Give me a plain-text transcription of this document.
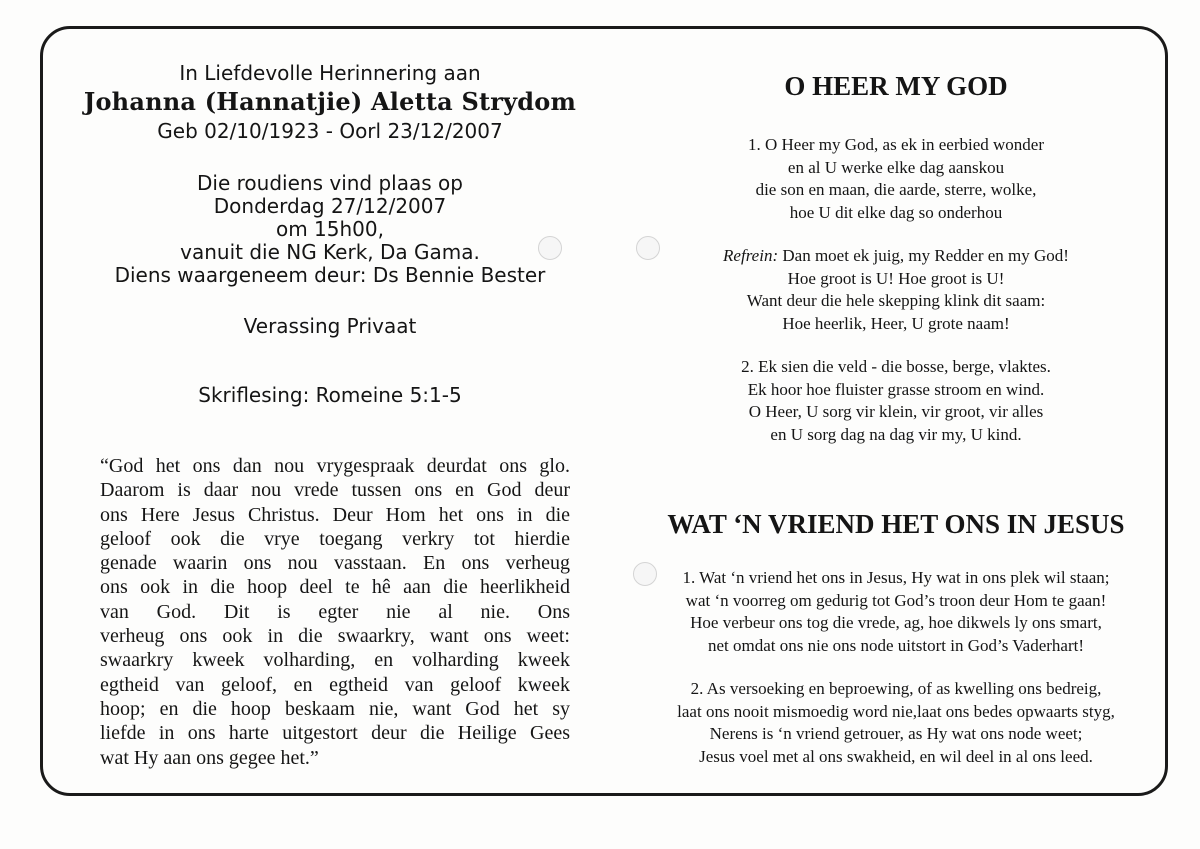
In Liefdevolle Herinnering aan
Johanna (Hannatjie) Aletta Strydom
Geb 02/10/1923 - Oorl 23/12/2007
Die roudiens vind plaas op
Donderdag 27/12/2007
om 15h00,
vanuit die NG Kerk, Da Gama.
Diens waargeneem deur: Ds Bennie Bester
Verassing Privaat
Skriflesing: Romeine 5:1-5
“God het ons dan nou vrygespraak deurdat ons glo.
Daarom is daar nou vrede tussen ons en God deur
ons Here Jesus Christus. Deur Hom het ons in die
geloof ook die vrye toegang verkry tot hierdie
genade waarin ons nou vasstaan. En ons verheug
ons ook in die hoop deel te hê aan die heerlikheid
van God. Dit is egter nie al nie. Ons
verheug ons ook in die swaarkry, want ons weet:
swaarkry kweek volharding, en volharding kweek
egtheid van geloof, en egtheid van geloof kweek
hoop; en die hoop beskaam nie, want God het sy
liefde in ons harte uitgestort deur die Heilige Gees
wat Hy aan ons gegee het.”
O HEER MY GOD
1. O Heer my God, as ek in eerbied wonder
en al U werke elke dag aanskou
die son en maan, die aarde, sterre, wolke,
hoe U dit elke dag so onderhou
Refrein: Dan moet ek juig, my Redder en my God!
Hoe groot is U! Hoe groot is U!
Want deur die hele skepping klink dit saam:
Hoe heerlik, Heer, U grote naam!
2. Ek sien die veld - die bosse, berge, vlaktes.
Ek hoor hoe fluister grasse stroom en wind.
O Heer, U sorg vir klein, vir groot, vir alles
en U sorg dag na dag vir my, U kind.
WAT ‘N VRIEND HET ONS IN JESUS
1. Wat ‘n vriend het ons in Jesus, Hy wat in ons plek wil staan;
wat ‘n voorreg om gedurig tot God’s troon deur Hom te gaan!
Hoe verbeur ons tog die vrede, ag, hoe dikwels ly ons smart,
net omdat ons nie ons node uitstort in God’s Vaderhart!
2. As versoeking en beproewing, of as kwelling ons bedreig,
laat ons nooit mismoedig word nie,laat ons bedes opwaarts styg,
Nerens is ‘n vriend getrouer, as Hy wat ons node weet;
Jesus voel met al ons swakheid, en wil deel in al ons leed.
